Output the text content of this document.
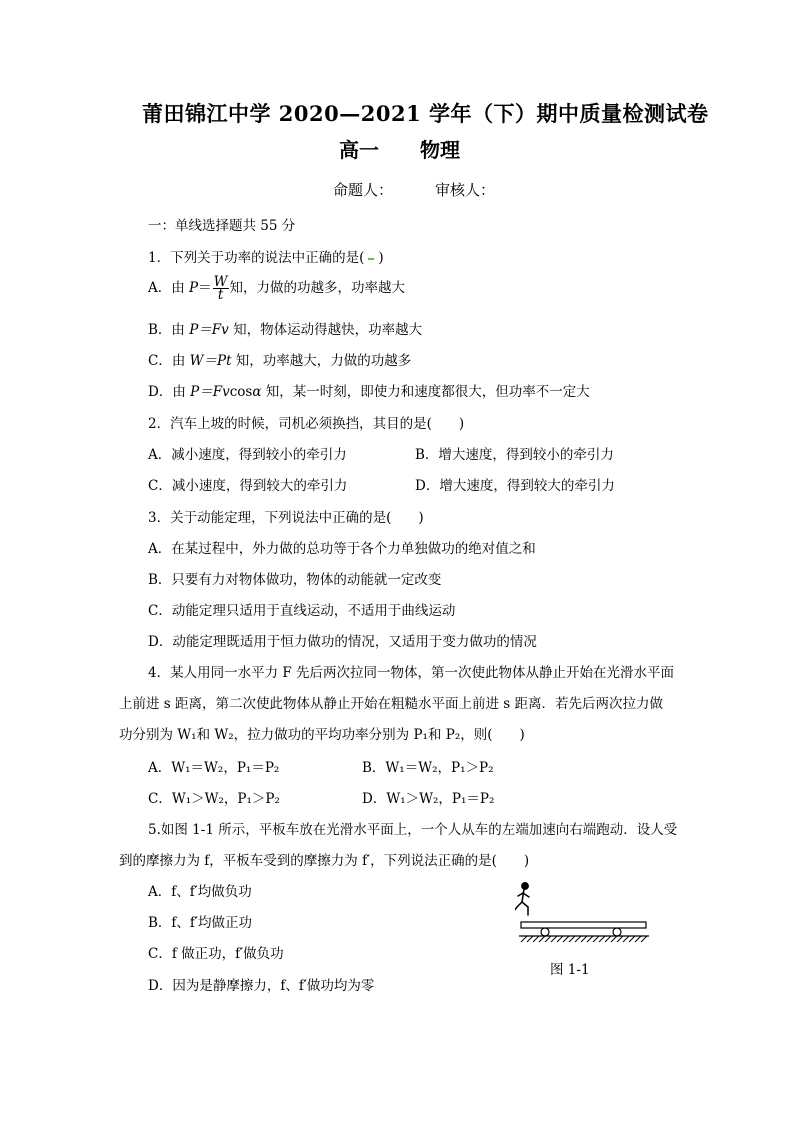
莆田锦江中学 2020—2021 学年（下）期中质量检测试卷
高一 物理
命题人：	审核人：
一：单线选择题共 55 分
1．下列关于功率的说法中正确的是( )
A．由 $P= \frac{W}{t}$ 知，力做的功越多，功率越大
B．由 P＝Fv 知，物体运动得越快，功率越大
C．由 W＝Pt 知，功率越大，力做的功越多
D．由 P＝Fvcosα 知，某一时刻，即使力和速度都很大，但功率不一定大
2．汽车上坡的时候，司机必须换挡，其目的是(　　)
A．减小速度，得到较小的牵引力	B．增大速度，得到较小的牵引力
C．减小速度，得到较大的牵引力	D．增大速度，得到较大的牵引力
3．关于动能定理，下列说法中正确的是(　　)
A．在某过程中，外力做的总功等于各个力单独做功的绝对值之和
B．只要有力对物体做功，物体的动能就一定改变
C．动能定理只适用于直线运动，不适用于曲线运动
D．动能定理既适用于恒力做功的情况，又适用于变力做功的情况
4．某人用同一水平力 F 先后两次拉同一物体，第一次使此物体从静止开始在光滑水平面
上前进 s 距离，第二次使此物体从静止开始在粗糙水平面上前进 s 距离．若先后两次拉力做
功分别为 W₁和 W₂，拉力做功的平均功率分别为 P₁和 P₂，则(　　)
A．W₁＝W₂，P₁＝P₂	B．W₁＝W₂，P₁＞P₂
C．W₁＞W₂，P₁＞P₂	D．W₁＞W₂，P₁＝P₂
5.如图 1-1 所示，平板车放在光滑水平面上，一个人从车的左端加速向右端跑动．设人受
到的摩擦力为 f，平板车受到的摩擦力为 f′，下列说法正确的是(　　)
A．f、f′均做负功
B．f、f′均做正功
C．f 做正功，f′做负功
D．因为是静摩擦力，f、f′做功均为零
图 1-1
